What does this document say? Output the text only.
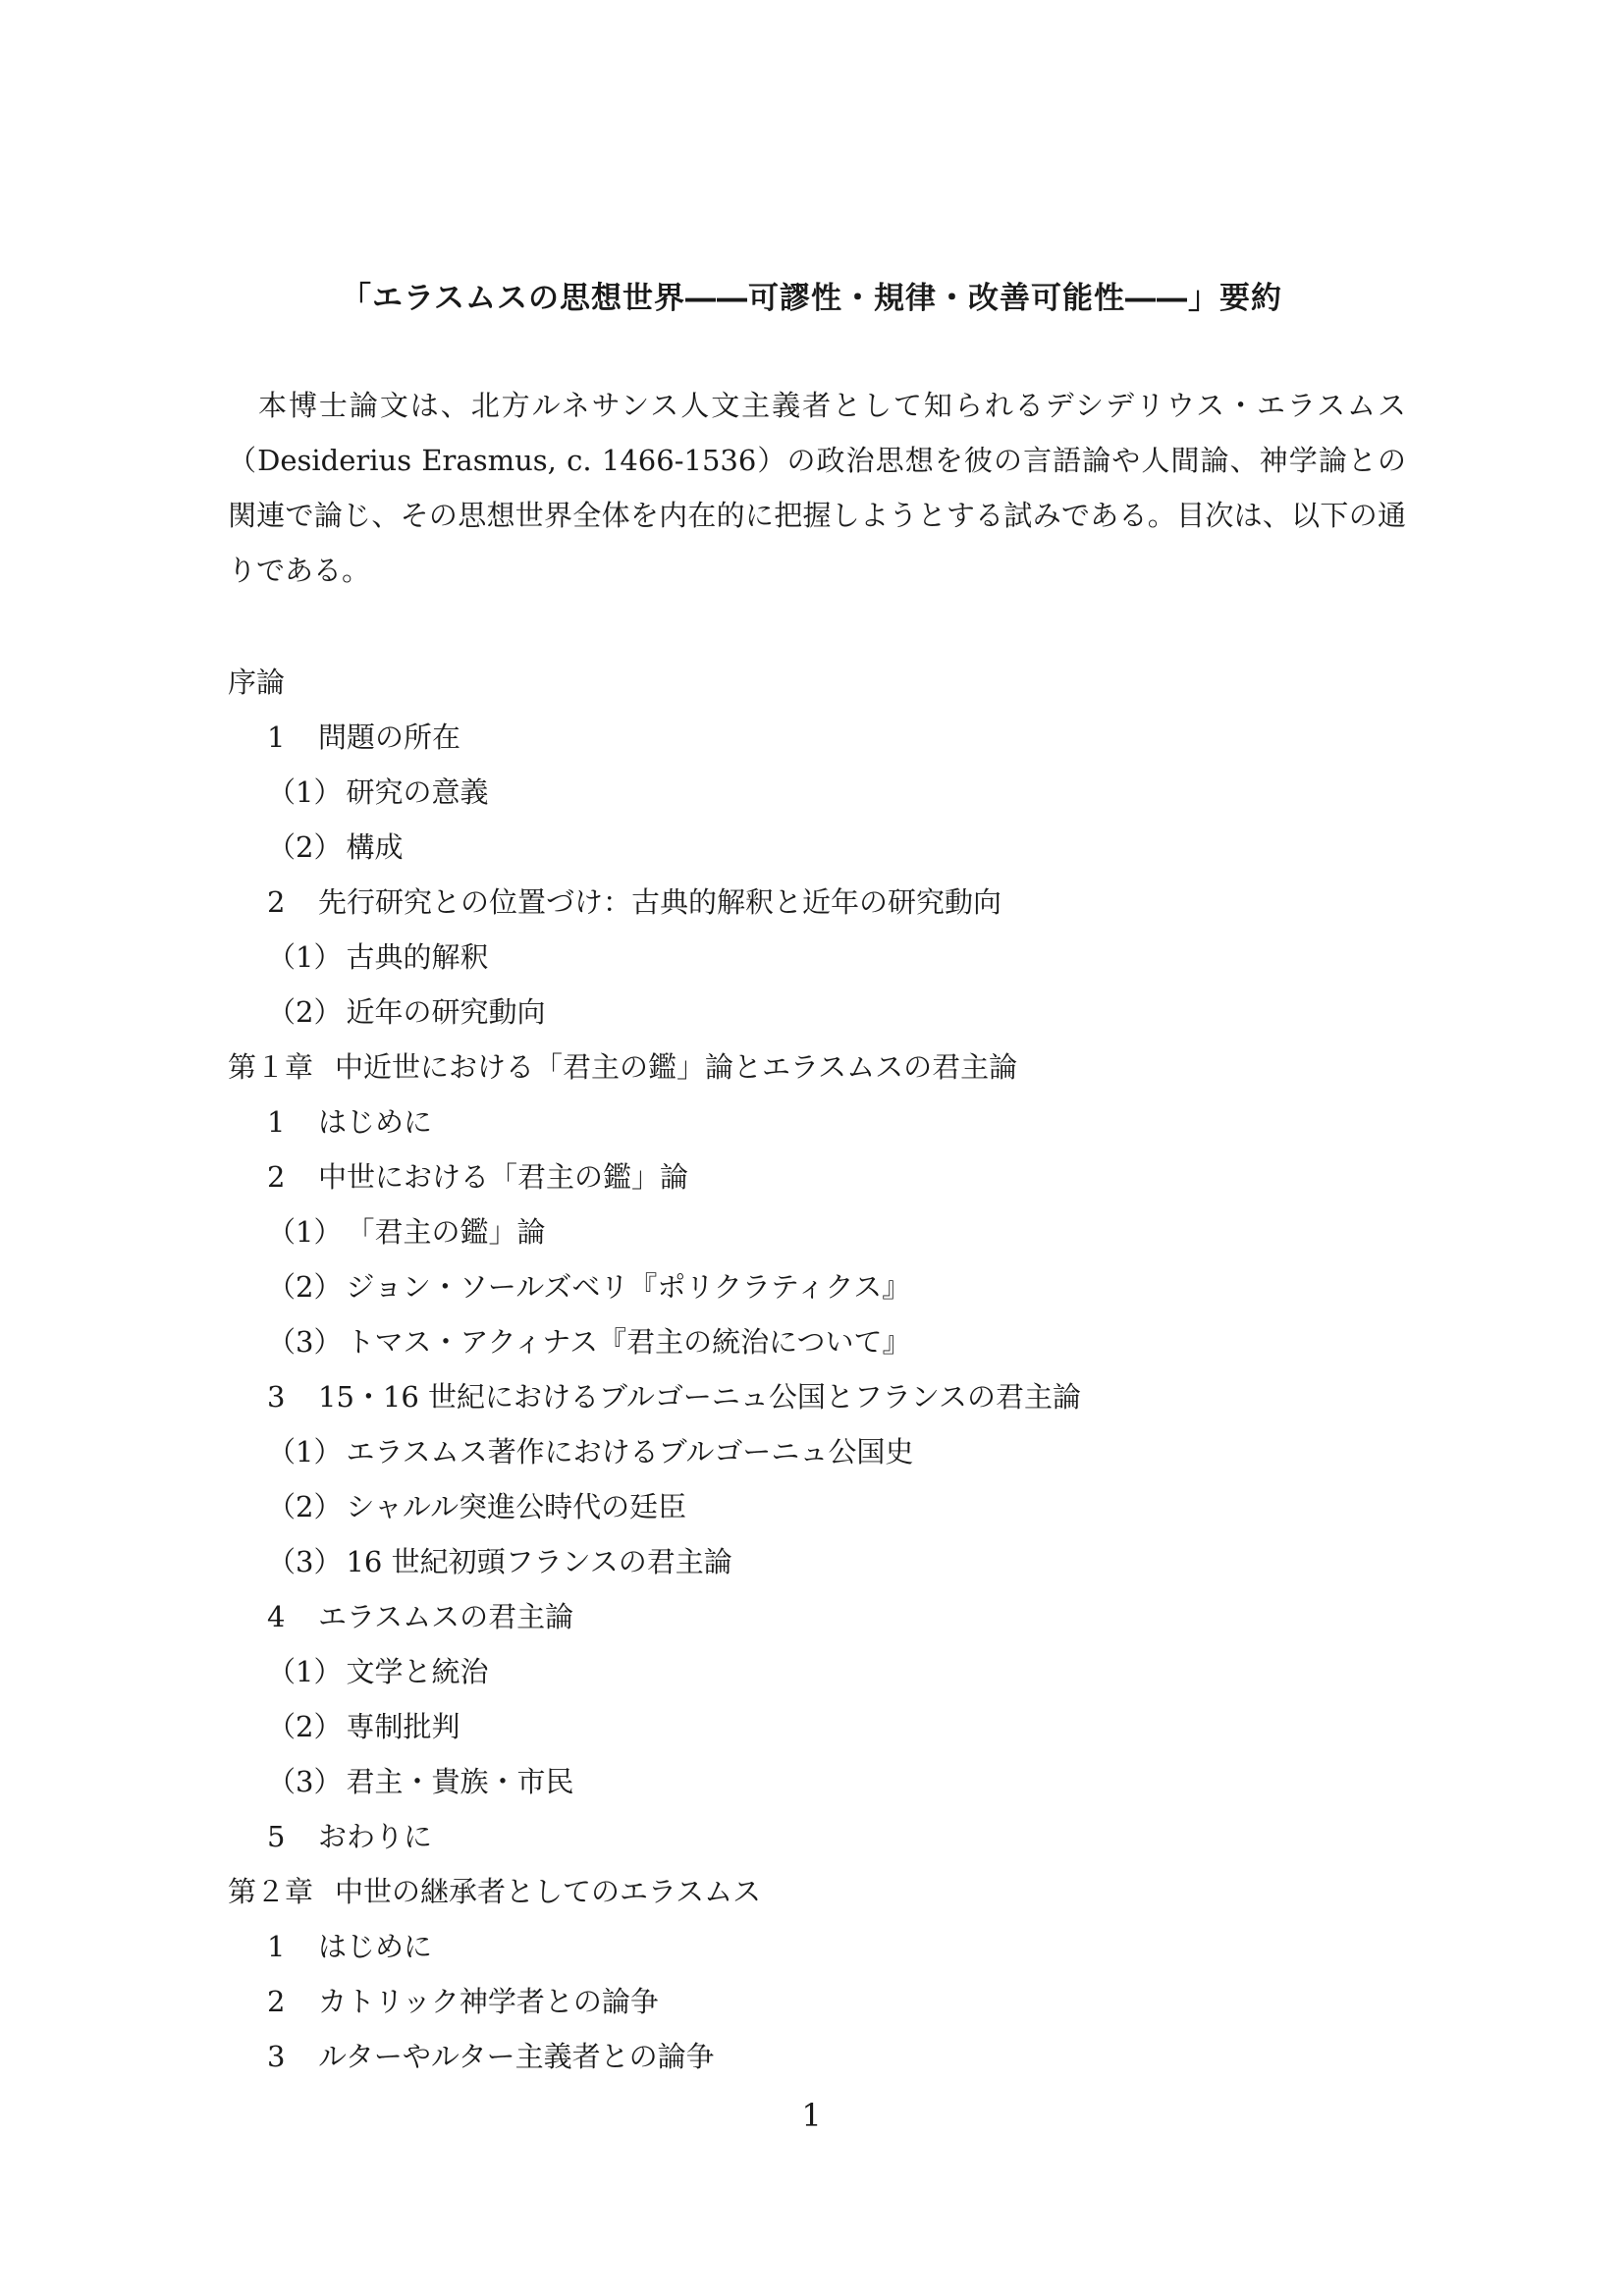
「エラスムスの思想世界――可謬性・規律・改善可能性――」要約

本博士論文は、北方ルネサンス人文主義者として知られるデシデリウス・エラスムス（Desiderius Erasmus, c. 1466-1536）の政治思想を彼の言語論や人間論、神学論との関連で論じ、その思想世界全体を内在的に把握しようとする試みである。目次は、以下の通りである。

序論
1 問題の所在
（1） 研究の意義
（2） 構成
2 先行研究との位置づけ：古典的解釈と近年の研究動向
（1） 古典的解釈
（2） 近年の研究動向
第１章 中近世における「君主の鑑」論とエラスムスの君主論
1 はじめに
2 中世における「君主の鑑」論
（1） 「君主の鑑」論
（2） ジョン・ソールズベリ『ポリクラティクス』
（3） トマス・アクィナス『君主の統治について』
3 15・16 世紀におけるブルゴーニュ公国とフランスの君主論
（1） エラスムス著作におけるブルゴーニュ公国史
（2） シャルル突進公時代の廷臣
（3） 16 世紀初頭フランスの君主論
4 エラスムスの君主論
（1） 文学と統治
（2） 専制批判
（3） 君主・貴族・市民
5 おわりに
第２章 中世の継承者としてのエラスムス
1 はじめに
2 カトリック神学者との論争
3 ルターやルター主義者との論争
1
